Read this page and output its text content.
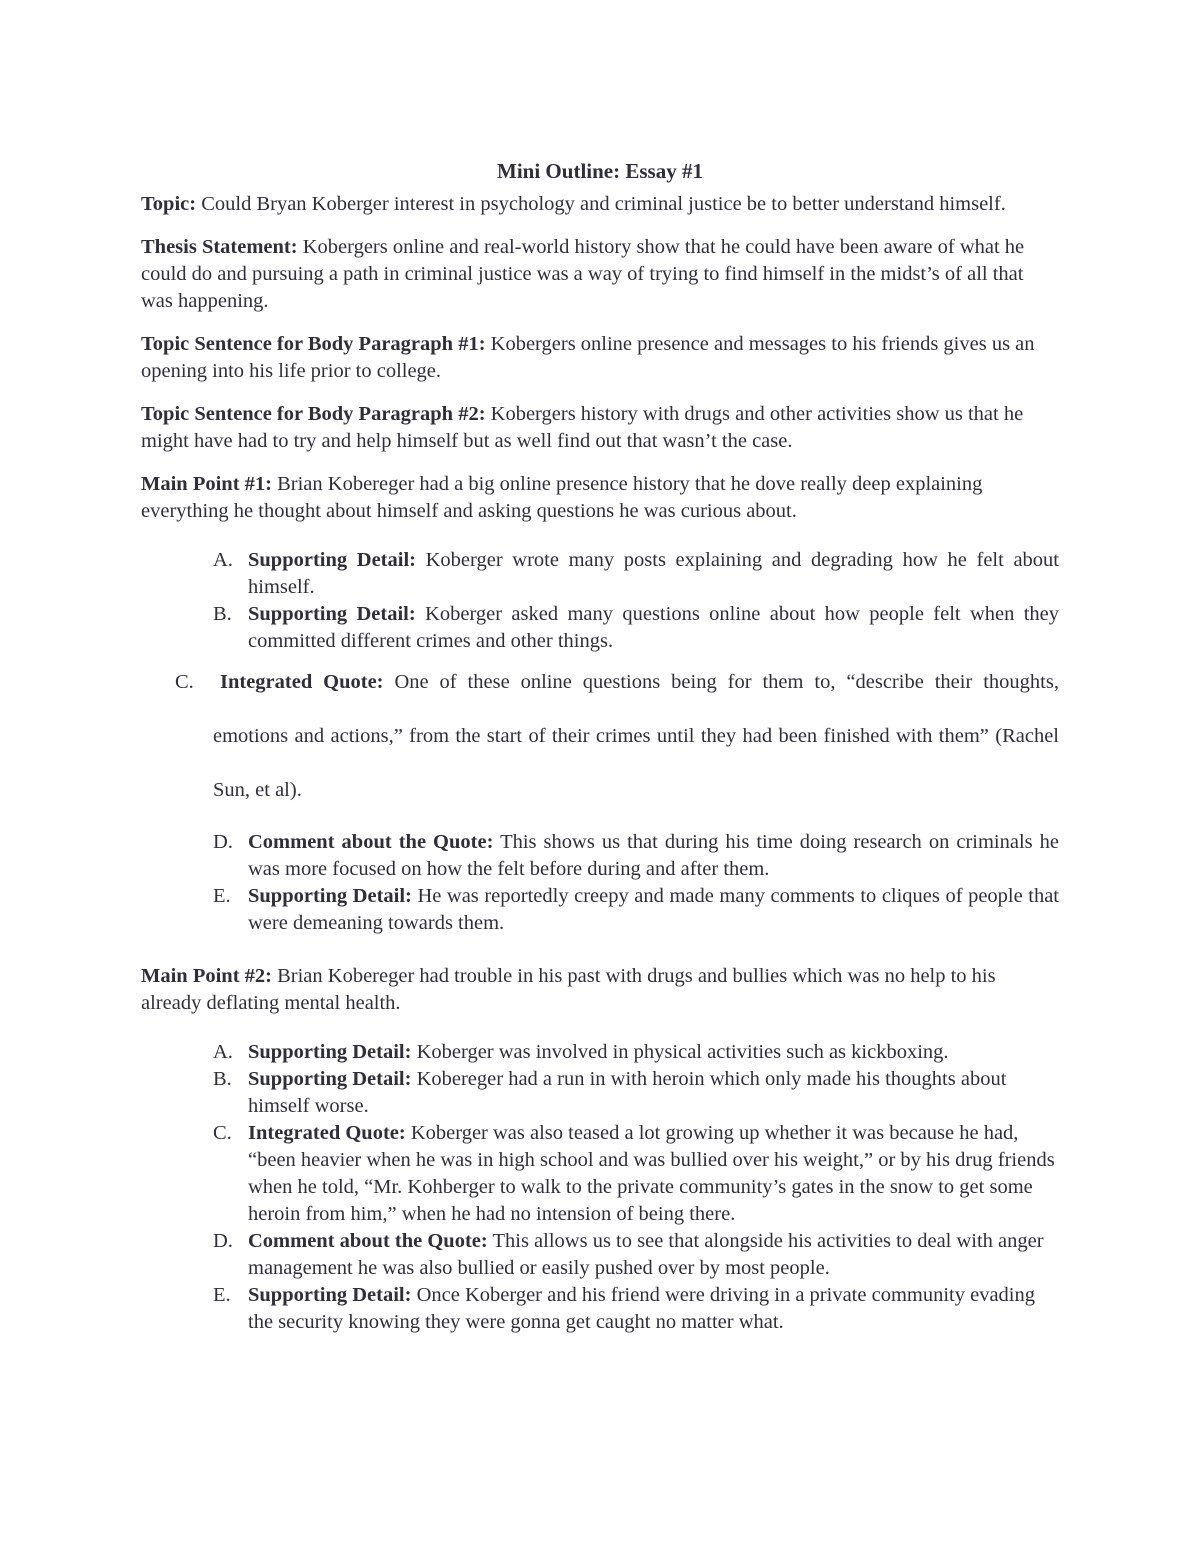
Mini Outline: Essay #1

Topic: Could Bryan Koberger interest in psychology and criminal justice be to better understand himself.

Thesis Statement: Kobergers online and real-world history show that he could have been aware of what he could do and pursuing a path in criminal justice was a way of trying to find himself in the midst’s of all that was happening.

Topic Sentence for Body Paragraph #1: Kobergers online presence and messages to his friends gives us an opening into his life prior to college.

Topic Sentence for Body Paragraph #2: Kobergers history with drugs and other activities show us that he might have had to try and help himself but as well find out that wasn’t the case.

Main Point #1: Brian Kobereger had a big online presence history that he dove really deep explaining everything he thought about himself and asking questions he was curious about.

A. Supporting Detail: Koberger wrote many posts explaining and degrading how he felt about himself.
B. Supporting Detail: Koberger asked many questions online about how people felt when they committed different crimes and other things.
C.	Integrated Quote: One of these online questions being for them to, “describe their thoughts, emotions and actions,” from the start of their crimes until they had been finished with them” (Rachel Sun, et al).
D. Comment about the Quote: This shows us that during his time doing research on criminals he was more focused on how the felt before during and after them.
E. Supporting Detail: He was reportedly creepy and made many comments to cliques of people that were demeaning towards them.

Main Point #2: Brian Kobereger had trouble in his past with drugs and bullies which was no help to his already deflating mental health.

A. Supporting Detail: Koberger was involved in physical activities such as kickboxing.
B. Supporting Detail: Kobereger had a run in with heroin which only made his thoughts about himself worse.
C. Integrated Quote: Koberger was also teased a lot growing up whether it was because he had, “been heavier when he was in high school and was bullied over his weight,” or by his drug friends when he told, “Mr. Kohberger to walk to the private community’s gates in the snow to get some heroin from him,” when he had no intension of being there.
D. Comment about the Quote: This allows us to see that alongside his activities to deal with anger management he was also bullied or easily pushed over by most people.
E. Supporting Detail: Once Koberger and his friend were driving in a private community evading the security knowing they were gonna get caught no matter what.
